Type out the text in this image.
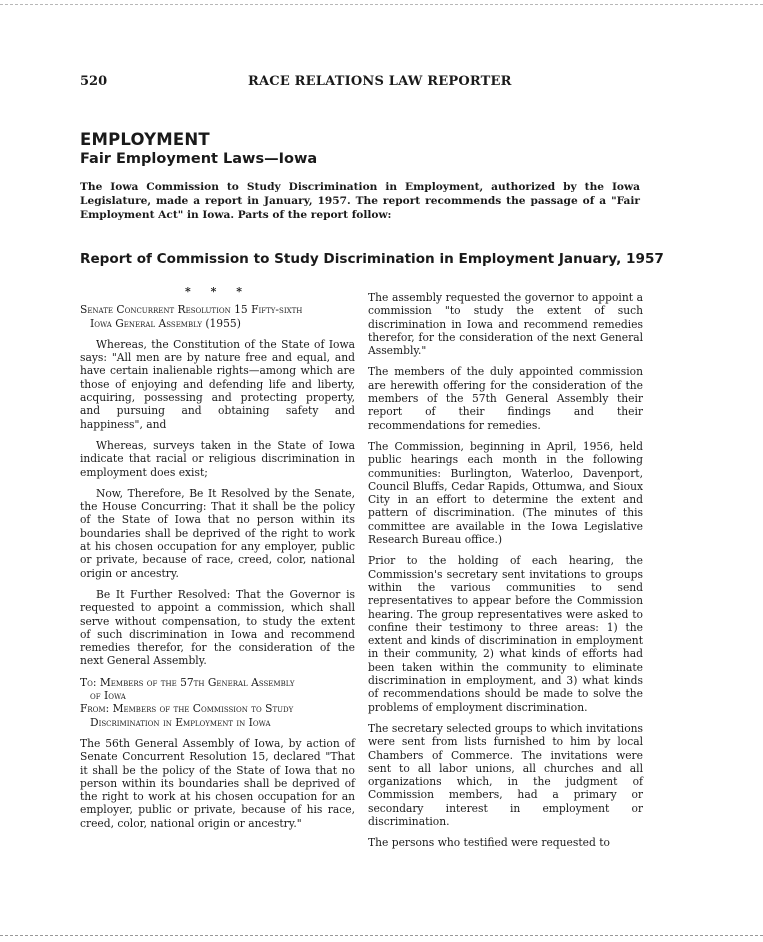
520	RACE RELATIONS LAW REPORTER
EMPLOYMENT
Fair Employment Laws—Iowa
The Iowa Commission to Study Discrimination in Employment, authorized by the Iowa Legislature, made a report in January, 1957. The report recommends the passage of a "Fair Employment Act" in Iowa. Parts of the report follow:
Report of Commission to Study Discrimination in Employment January, 1957
* * *

Senate Concurrent Resolution 15 Fifty-sixth

Iowa General Assembly (1955)

Whereas, the Constitution of the State of Iowa says: "All men are by nature free and equal, and have certain inalienable rights—among which are those of enjoying and defending life and liberty, acquiring, possessing and protecting property, and pursuing and obtaining safety and happiness", and

Whereas, surveys taken in the State of Iowa indicate that racial or religious discrimination in employment does exist;

Now, Therefore, Be It Resolved by the Senate, the House Concurring: That it shall be the policy of the State of Iowa that no person within its boundaries shall be deprived of the right to work at his chosen occupation for any employer, public or private, because of race, creed, color, national origin or ancestry.

Be It Further Resolved: That the Governor is requested to appoint a commission, which shall serve without compensation, to study the extent of such discrimination in Iowa and recommend remedies therefor, for the consideration of the next General Assembly.

To: Members of the 57th General Assembly

of Iowa

From: Members of the Commission to Study

Discrimination in Employment in Iowa

The 56th General Assembly of Iowa, by action of Senate Concurrent Resolution 15, declared "That it shall be the policy of the State of Iowa that no person within its boundaries shall be deprived of the right to work at his chosen occupation for an employer, public or private, because of his race, creed, color, national origin or ancestry."

The assembly requested the governor to appoint a commission "to study the extent of such discrimination in Iowa and recommend remedies therefor, for the consideration of the next General Assembly."

The members of the duly appointed commission are herewith offering for the consideration of the members of the 57th General Assembly their report of their findings and their recommendations for remedies.

The Commission, beginning in April, 1956, held public hearings each month in the following communities: Burlington, Waterloo, Davenport, Council Bluffs, Cedar Rapids, Ottumwa, and Sioux City in an effort to determine the extent and pattern of discrimination. (The minutes of this committee are available in the Iowa Legislative Research Bureau office.)

Prior to the holding of each hearing, the Commission's secretary sent invitations to groups within the various communities to send representatives to appear before the Commission hearing. The group representatives were asked to confine their testimony to three areas: 1) the extent and kinds of discrimination in employment in their community, 2) what kinds of efforts had been taken within the community to eliminate discrimination in employment, and 3) what kinds of recommendations should be made to solve the problems of employment discrimination.

The secretary selected groups to which invitations were sent from lists furnished to him by local Chambers of Commerce. The invitations were sent to all labor unions, all churches and all organizations which, in the judgment of Commission members, had a primary or secondary interest in employment or discrimination.

The persons who testified were requested to
